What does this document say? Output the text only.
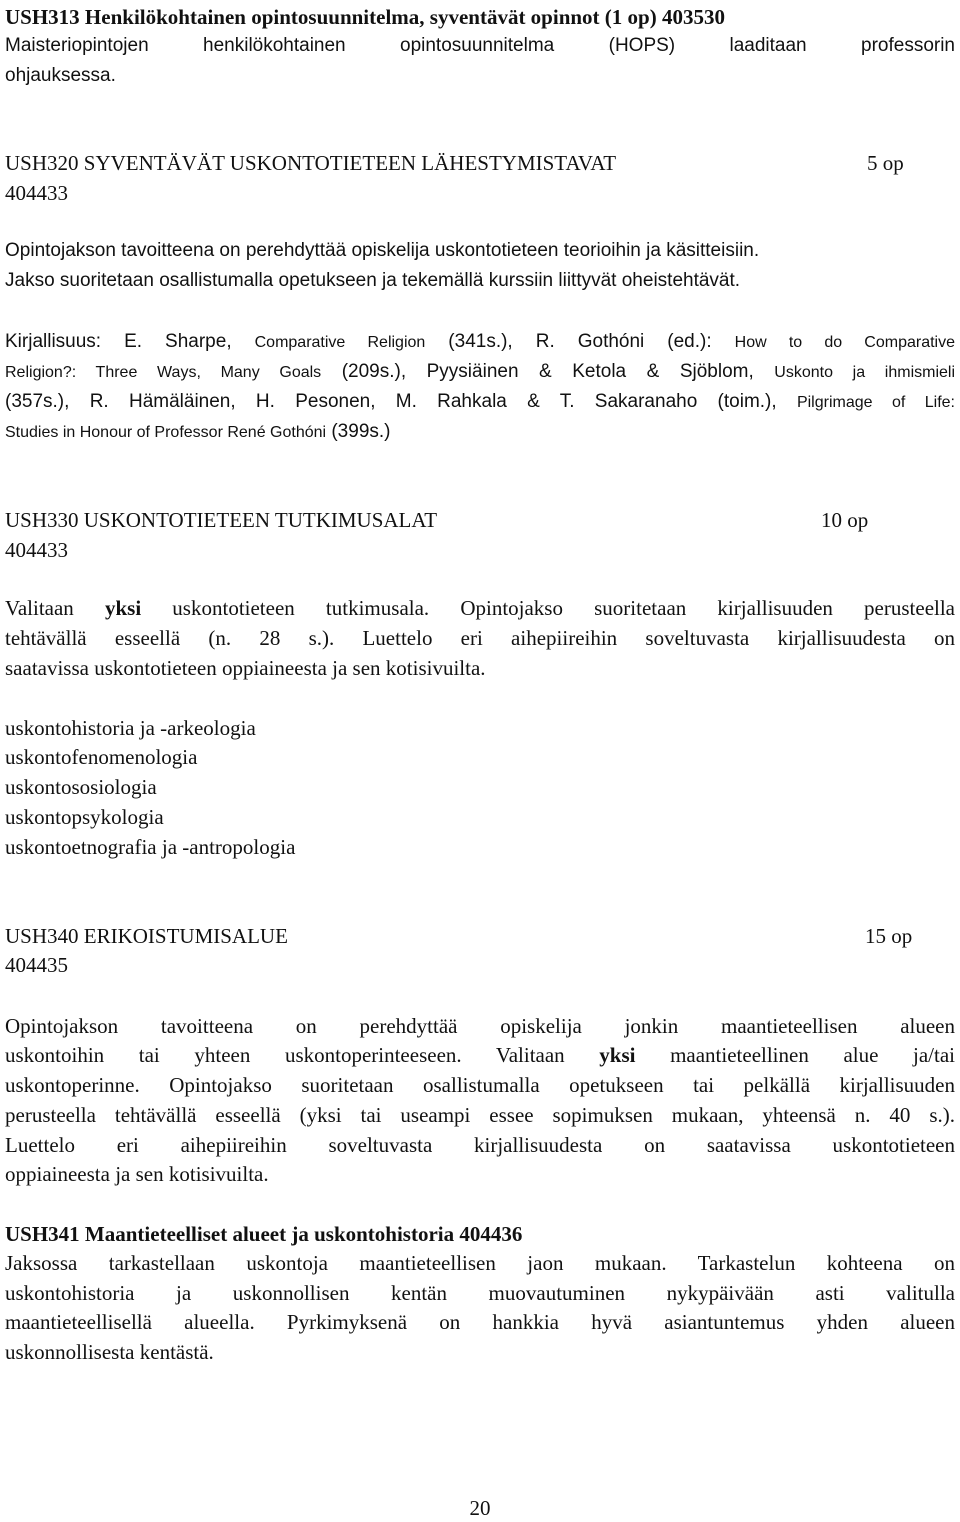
USH313 Henkilökohtainen opintosuunnitelma, syventävät opinnot (1 op) 403530
Maisteriopintojen henkilökohtainen opintosuunnitelma (HOPS) laaditaan professorin
ohjauksessa.
USH320 SYVENTÄVÄT USKONTOTIETEEN LÄHESTYMISTAVAT	5 op
404433
Opintojakson tavoitteena on perehdyttää opiskelija uskontotieteen teorioihin ja käsitteisiin.
Jakso suoritetaan osallistumalla opetukseen ja tekemällä kurssiin liittyvät oheistehtävät.
Kirjallisuus: E. Sharpe, Comparative Religion (341s.), R. Gothóni (ed.): How to do Comparative
Religion?: Three Ways, Many Goals (209s.), Pyysiäinen & Ketola & Sjöblom, Uskonto ja ihmismieli
(357s.), R. Hämäläinen, H. Pesonen, M. Rahkala & T. Sakaranaho (toim.), Pilgrimage of Life:
Studies in Honour of Professor René Gothóni (399s.)
USH330 USKONTOTIETEEN TUTKIMUSALAT	10 op
404433
Valitaan yksi uskontotieteen tutkimusala. Opintojakso suoritetaan kirjallisuuden perusteella
tehtävällä esseellä (n. 28 s.). Luettelo eri aihepiireihin soveltuvasta kirjallisuudesta on
saatavissa uskontotieteen oppiaineesta ja sen kotisivuilta.
uskontohistoria ja -arkeologia
uskontofenomenologia
uskontososiologia
uskontopsykologia
uskontoetnografia ja -antropologia
USH340 ERIKOISTUMISALUE	15 op
404435
Opintojakson tavoitteena on perehdyttää opiskelija jonkin maantieteellisen alueen
uskontoihin tai yhteen uskontoperinteeseen. Valitaan yksi maantieteellinen alue ja/tai
uskontoperinne. Opintojakso suoritetaan osallistumalla opetukseen tai pelkällä kirjallisuuden
perusteella tehtävällä esseellä (yksi tai useampi essee sopimuksen mukaan, yhteensä n. 40 s.).
Luettelo eri aihepiireihin soveltuvasta kirjallisuudesta on saatavissa uskontotieteen
oppiaineesta ja sen kotisivuilta.
USH341 Maantieteelliset alueet ja uskontohistoria 404436
Jaksossa tarkastellaan uskontoja maantieteellisen jaon mukaan. Tarkastelun kohteena on
uskontohistoria ja uskonnollisen kentän muovautuminen nykypäivään asti valitulla
maantieteellisellä alueella. Pyrkimyksenä on hankkia hyvä asiantuntemus yhden alueen
uskonnollisesta kentästä.
20
